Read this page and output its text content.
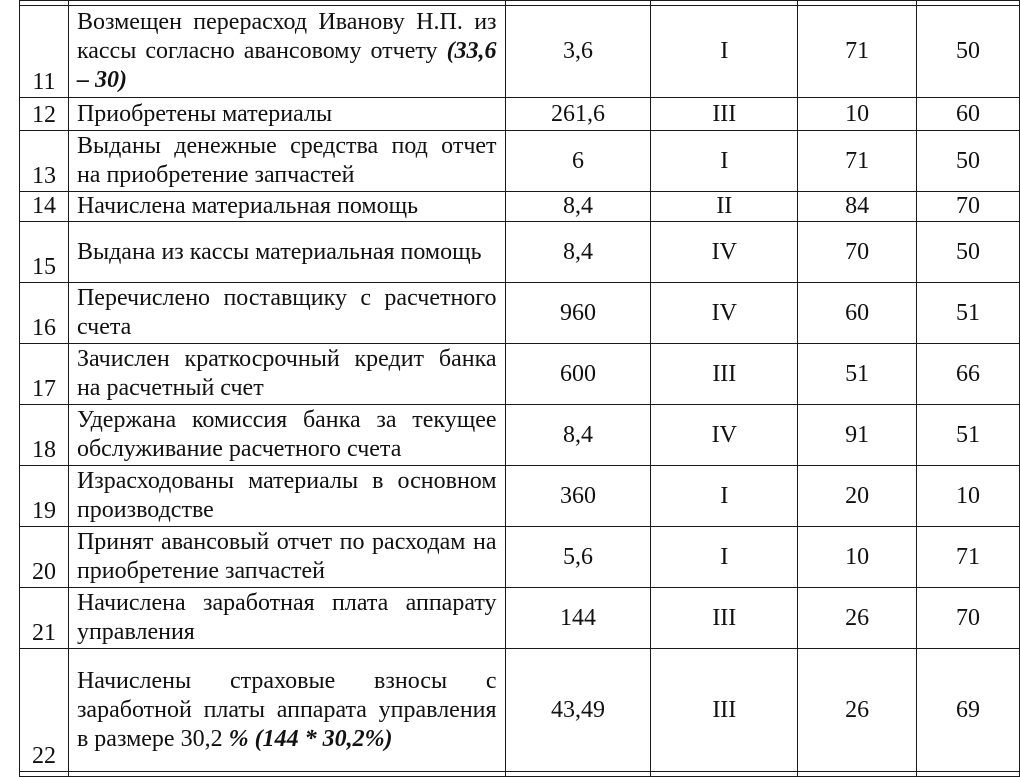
11	Возмещен перерасход Иванову Н.П. из кассы согласно авансовому отчету (33,6 – 30)	3,6	I	71	50
12	Приобретены материалы	261,6	III	10	60
13	Выданы денежные средства под отчет на приобретение запчастей	6	I	71	50
14	Начислена материальная помощь	8,4	II	84	70
15	Выдана из кассы материальная помощь	8,4	IV	70	50
16	Перечислено поставщику с расчетного счета	960	IV	60	51
17	Зачислен краткосрочный кредит банка на расчетный счет	600	III	51	66
18	Удержана комиссия банка за текущее обслуживание расчетного счета	8,4	IV	91	51
19	Израсходованы материалы в основном производстве	360	I	20	10
20	Принят авансовый отчет по расходам на приобретение запчастей	5,6	I	10	71
21	Начислена заработная плата аппарату управления	144	III	26	70
22	Начислены страховые взносы с заработной платы аппарата управления в размере 30,2 % (144 * 30,2%)	43,49	III	26	69
